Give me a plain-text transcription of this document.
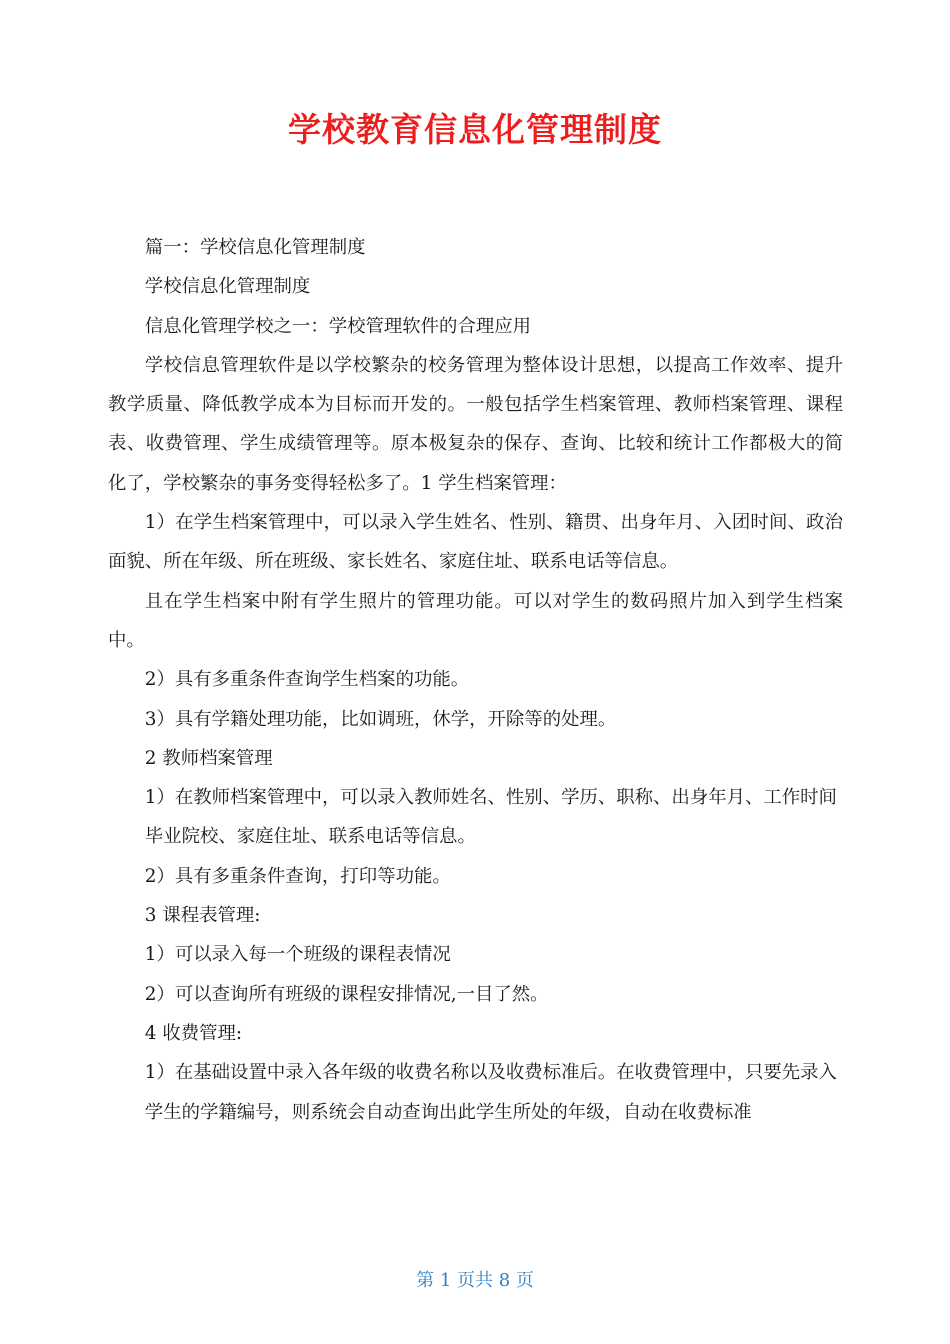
学校教育信息化管理制度

篇一：学校信息化管理制度

学校信息化管理制度

信息化管理学校之一：学校管理软件的合理应用

学校信息管理软件是以学校繁杂的校务管理为整体设计思想，以提高工作效率、提升教学质量、降低教学成本为目标而开发的。一般包括学生档案管理、教师档案管理、课程表、收费管理、学生成绩管理等。原本极复杂的保存、查询、比较和统计工作都极大的简化了，学校繁杂的事务变得轻松多了。1 学生档案管理：

1）在学生档案管理中，可以录入学生姓名、性别、籍贯、出身年月、入团时间、政治面貌、所在年级、所在班级、家长姓名、家庭住址、联系电话等信息。

且在学生档案中附有学生照片的管理功能。可以对学生的数码照片加入到学生档案中。

2）具有多重条件查询学生档案的功能。

3）具有学籍处理功能，比如调班，休学，开除等的处理。

2 教师档案管理

1）在教师档案管理中，可以录入教师姓名、性别、学历、职称、出身年月、工作时间

毕业院校、家庭住址、联系电话等信息。

2）具有多重条件查询，打印等功能。

3 课程表管理:

1）可以录入每一个班级的课程表情况

2）可以查询所有班级的课程安排情况,一目了然。

4 收费管理:

1）在基础设置中录入各年级的收费名称以及收费标准后。在收费管理中，只要先录入

学生的学籍编号，则系统会自动查询出此学生所处的年级，自动在收费标准

第 1 页共 8 页
